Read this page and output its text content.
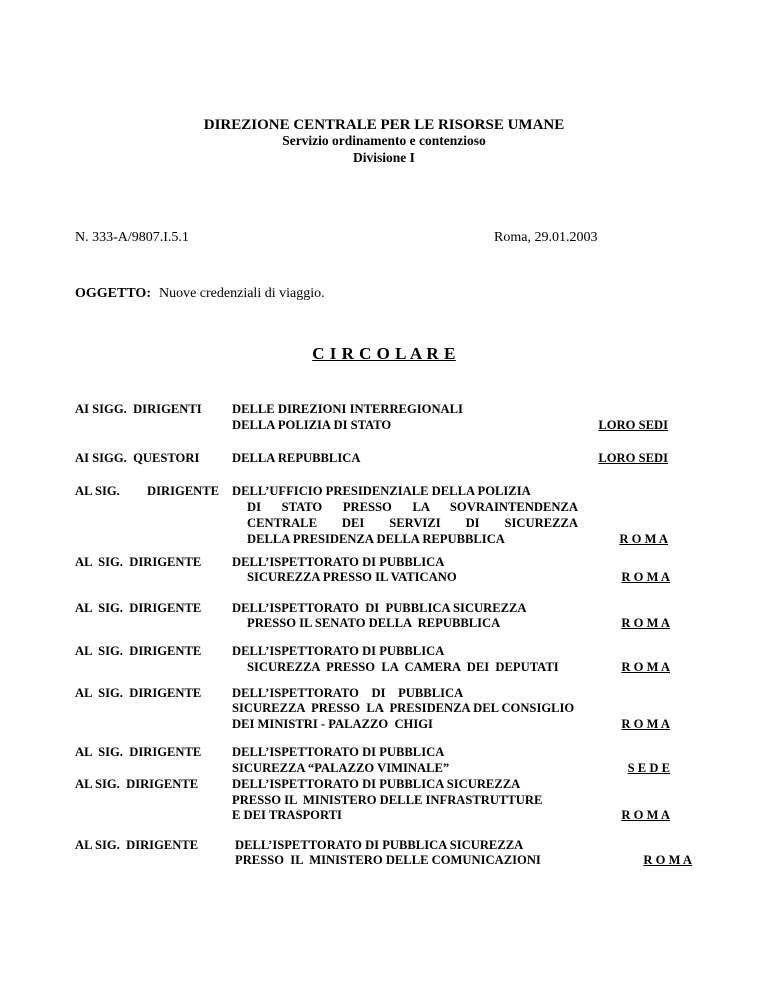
DIREZIONE CENTRALE PER LE RISORSE UMANE
Servizio ordinamento e contenzioso
Divisione I
N. 333-A/9807.I.5.1	Roma, 29.01.2003
OGGETTO: Nuove credenziali di viaggio.
C I R C O L A R E
AI SIGG.  DIRIGENTI DELLE DIREZIONI INTERREGIONALI
DELLA POLIZIA DI STATO	LORO SEDI
AI SIGG.  QUESTORI	DELLA REPUBBLICA	LORO SEDI
AL SIG. DIRIGENTE DELL’UFFICIO PRESIDENZIALE DELLA POLIZIA
DI STATO PRESSO LA SOVRAINTENDENZA
CENTRALE DEI SERVIZI DI SICUREZZA
DELLA PRESIDENZA DELLA REPUBBLICA	R O M A
AL  SIG.  DIRIGENTE DELL’ISPETTORATO DI PUBBLICA
SICUREZZA PRESSO IL VATICANO	R O M A
AL  SIG.  DIRIGENTE DELL’ISPETTORATO  DI  PUBBLICA SICUREZZA
PRESSO IL SENATO DELLA  REPUBBLICA	R O M A
AL  SIG.  DIRIGENTE DELL’ISPETTORATO DI PUBBLICA
SICUREZZA  PRESSO  LA  CAMERA  DEI  DEPUTATI	R O M A
AL  SIG.  DIRIGENTE DELL’ISPETTORATO    DI    PUBBLICA
SICUREZZA  PRESSO  LA  PRESIDENZA DEL CONSIGLIO
DEI MINISTRI - PALAZZO  CHIGI	R O M A
AL  SIG.  DIRIGENTE DELL’ISPETTORATO DI PUBBLICA
SICUREZZA “PALAZZO VIMINALE”	S E D E
AL SIG.  DIRIGENTE	DELL’ISPETTORATO DI PUBBLICA SICUREZZA
PRESSO IL  MINISTERO DELLE INFRASTRUTTURE
E DEI TRASPORTI	R O M A
AL SIG.  DIRIGENTE	DELL’ISPETTORATO DI PUBBLICA SICUREZZA
PRESSO  IL  MINISTERO DELLE COMUNICAZIONI	R O M A
